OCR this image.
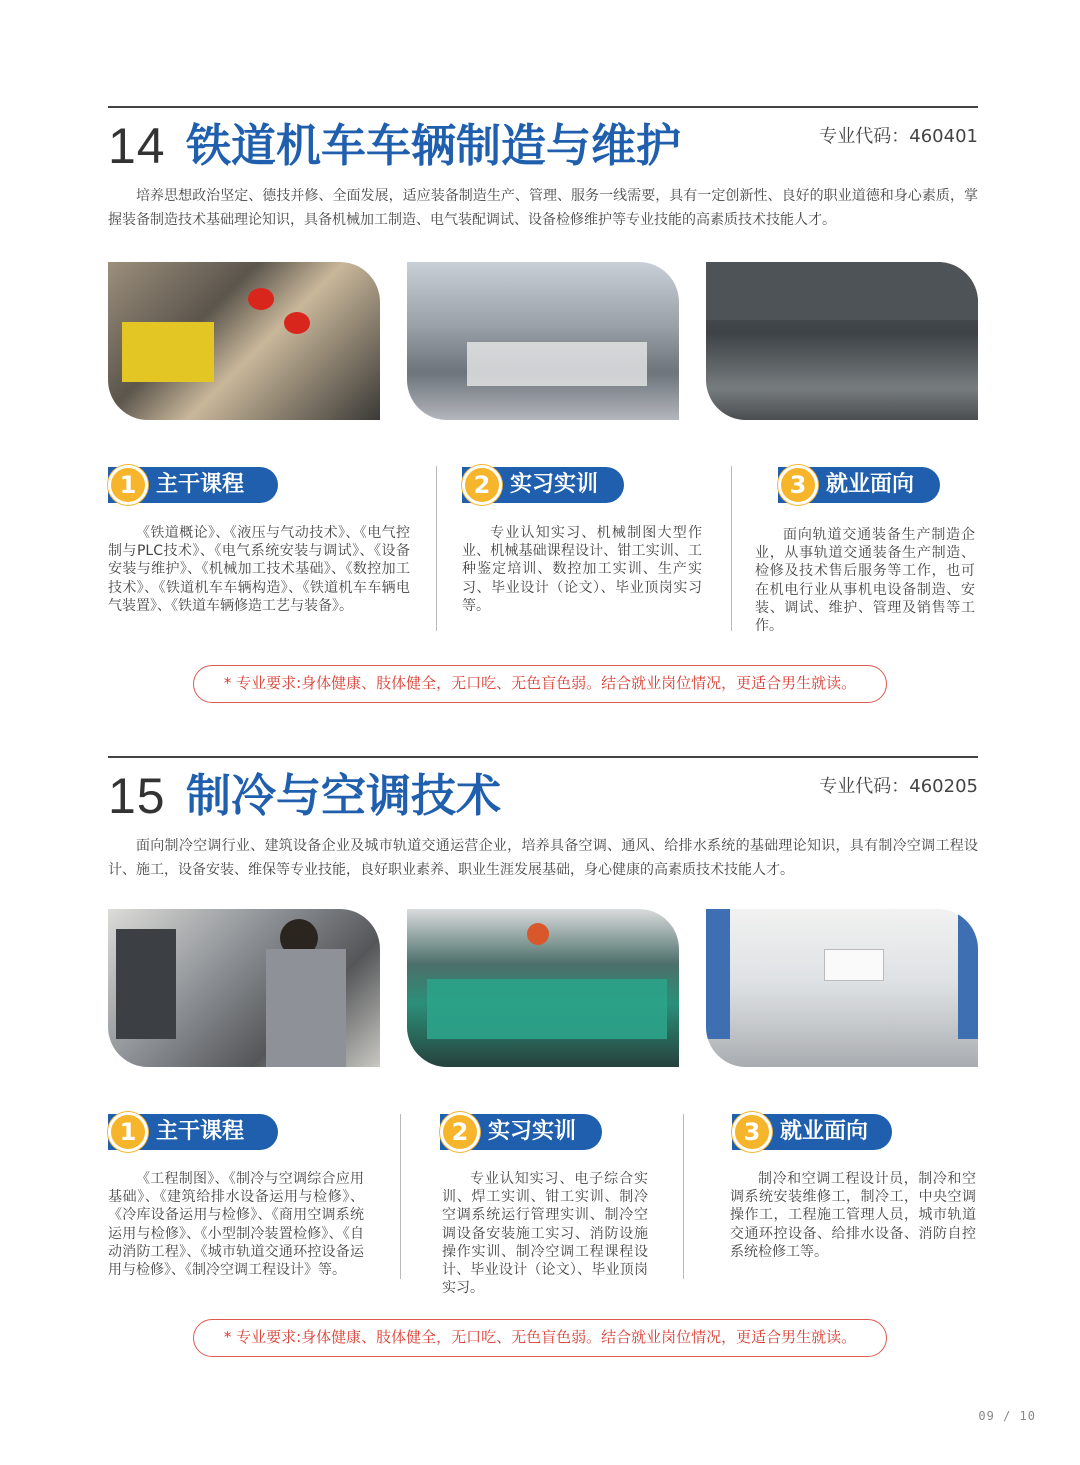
14 铁道机车车辆制造与维护	专业代码：460401

培养思想政治坚定、德技并修、全面发展，适应装备制造生产、管理、服务一线需要，具有一定创新性、良好的职业道德和身心素质，掌握装备制造技术基础理论知识，具备机械加工制造、电气装配调试、设备检修维护等专业技能的高素质技术技能人才。

1 主干课程	2 实习实训	3 就业面向

《铁道概论》、《液压与气动技术》、《电气控制与PLC技术》、《电气系统安装与调试》、《设备安装与维护》、《机械加工技术基础》、《数控加工技术》、《铁道机车车辆构造》、《铁道机车车辆电气装置》、《铁道车辆修造工艺与装备》。

专业认知实习、机械制图大型作业、机械基础课程设计、钳工实训、工种鉴定培训、数控加工实训、生产实习、毕业设计（论文）、毕业顶岗实习等。

面向轨道交通装备生产制造企业，从事轨道交通装备生产制造、检修及技术售后服务等工作，也可在机电行业从事机电设备制造、安装、调试、维护、管理及销售等工作。

* 专业要求:身体健康、肢体健全，无口吃、无色盲色弱。结合就业岗位情况，更适合男生就读。
15 制冷与空调技术	专业代码：460205

面向制冷空调行业、建筑设备企业及城市轨道交通运营企业，培养具备空调、通风、给排水系统的基础理论知识，具有制冷空调工程设计、施工，设备安装、维保等专业技能，良好职业素养、职业生涯发展基础，身心健康的高素质技术技能人才。

1 主干课程	2 实习实训	3 就业面向

《工程制图》、《制冷与空调综合应用基础》、《建筑给排水设备运用与检修》、《冷库设备运用与检修》、《商用空调系统运用与检修》、《小型制冷装置检修》、《自动消防工程》、《城市轨道交通环控设备运用与检修》、《制冷空调工程设计》等。

专业认知实习、电子综合实训、焊工实训、钳工实训、制冷空调系统运行管理实训、制冷空调设备安装施工实习、消防设施操作实训、制冷空调工程课程设计、毕业设计（论文）、毕业顶岗实习。

制冷和空调工程设计员，制冷和空调系统安装维修工，制冷工，中央空调操作工，工程施工管理人员，城市轨道交通环控设备、给排水设备、消防自控系统检修工等。

* 专业要求:身体健康、肢体健全，无口吃、无色盲色弱。结合就业岗位情况，更适合男生就读。
09 / 10
